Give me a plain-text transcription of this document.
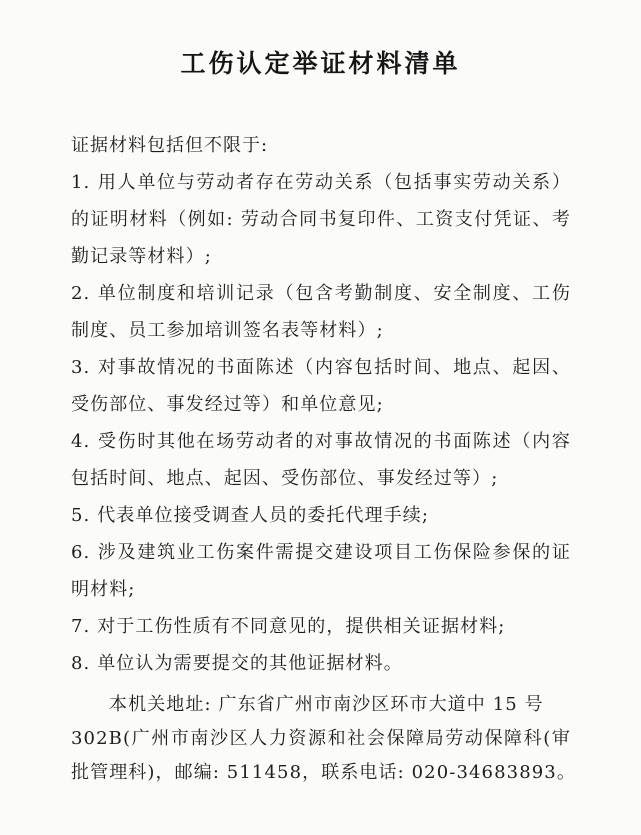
工伤认定举证材料清单
证据材料包括但不限于:
1. 用人单位与劳动者存在劳动关系（包括事实劳动关系）
的证明材料（例如: 劳动合同书复印件、工资支付凭证、考
勤记录等材料）;
2. 单位制度和培训记录（包含考勤制度、安全制度、工伤
制度、员工参加培训签名表等材料）;
3. 对事故情况的书面陈述（内容包括时间、地点、起因、
受伤部位、事发经过等）和单位意见;
4. 受伤时其他在场劳动者的对事故情况的书面陈述（内容
包括时间、地点、起因、受伤部位、事发经过等）;
5. 代表单位接受调查人员的委托代理手续;
6. 涉及建筑业工伤案件需提交建设项目工伤保险参保的证
明材料;
7. 对于工伤性质有不同意见的，提供相关证据材料;
8. 单位认为需要提交的其他证据材料。
本机关地址: 广东省广州市南沙区环市大道中 15 号
302B(广州市南沙区人力资源和社会保障局劳动保障科(审
批管理科)，邮编: 511458，联系电话: 020-34683893。
